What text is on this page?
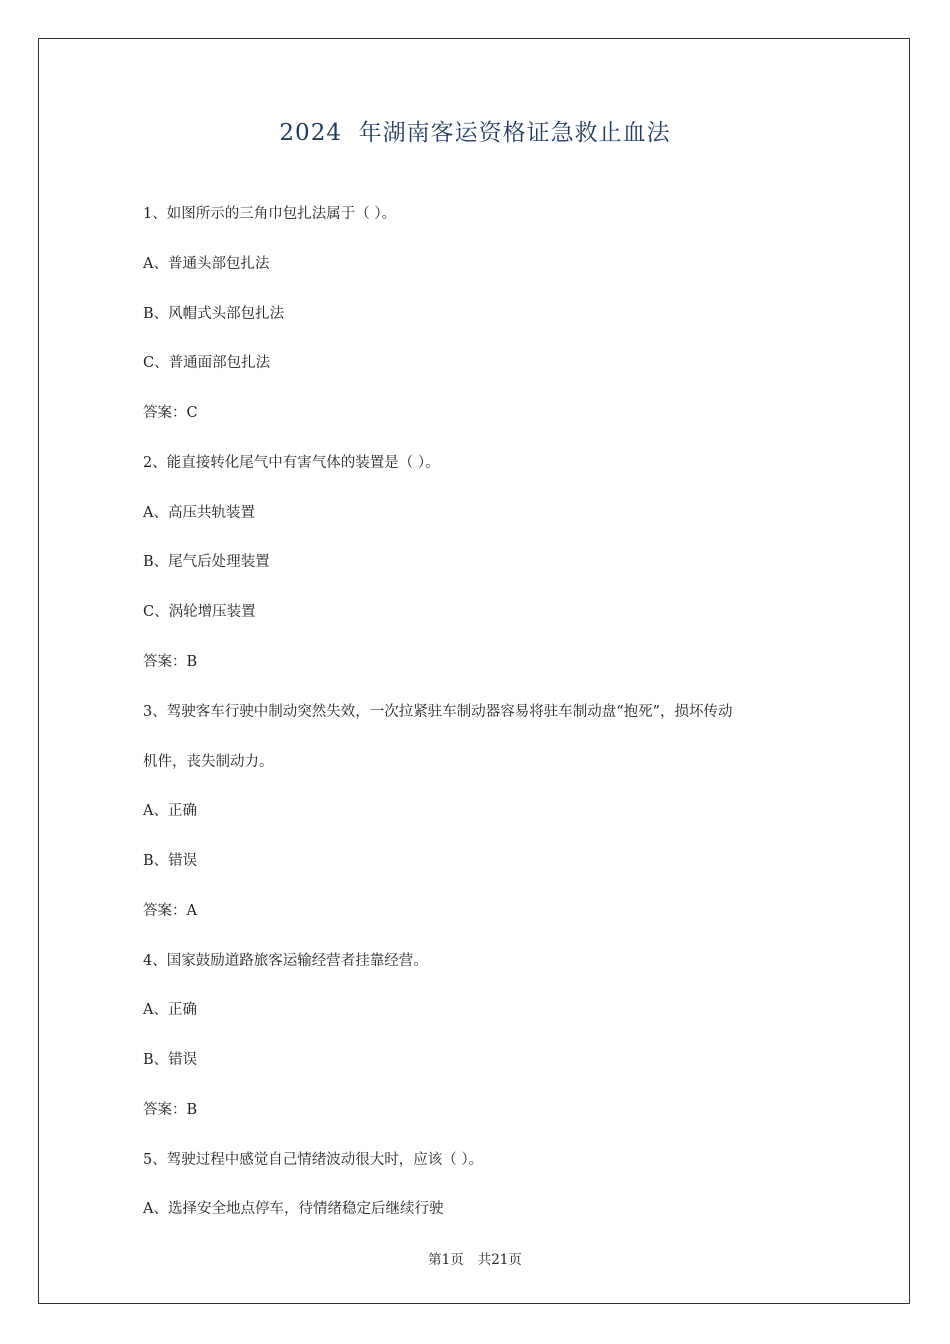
2024  年湖南客运资格证急救止血法
1、如图所示的三角巾包扎法属于（ ）。
A、普通头部包扎法
B、风帽式头部包扎法
C、普通面部包扎法
答案：C
2、能直接转化尾气中有害气体的装置是（ ）。
A、高压共轨装置
B、尾气后处理装置
C、涡轮增压装置
答案：B
3、驾驶客车行驶中制动突然失效，一次拉紧驻车制动器容易将驻车制动盘“抱死”，损坏传动
机件，丧失制动力。
A、正确
B、错误
答案：A
4、国家鼓励道路旅客运输经营者挂靠经营。
A、正确
B、错误
答案：B
5、驾驶过程中感觉自己情绪波动很大时，应该（ ）。
A、选择安全地点停车，待情绪稳定后继续行驶
第1页 共21页
